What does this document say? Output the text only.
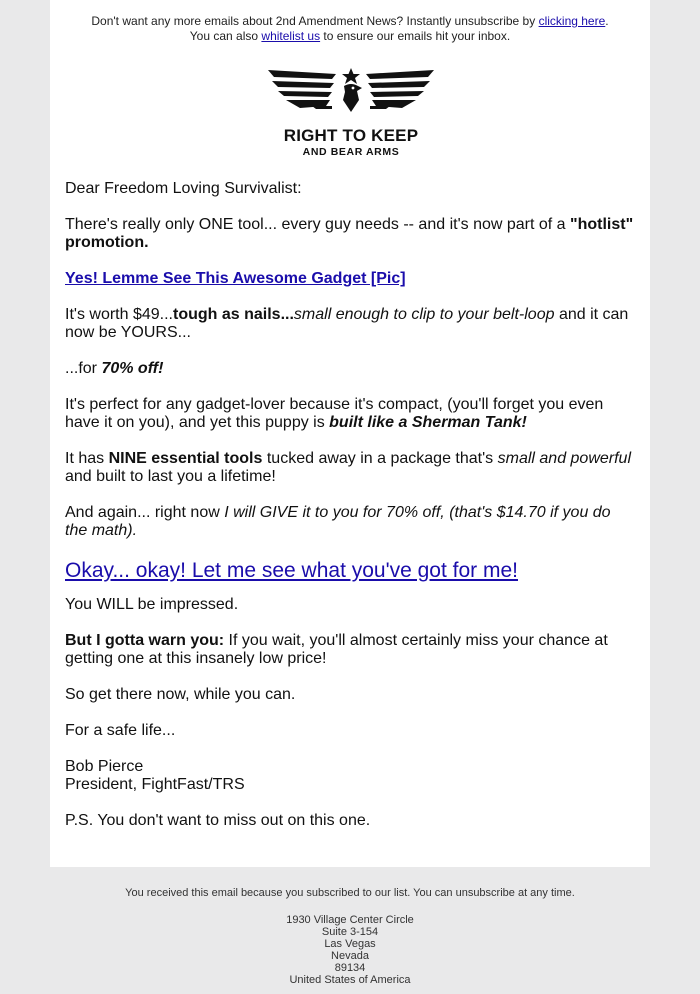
Don't want any more emails about 2nd Amendment News? Instantly unsubscribe by clicking here.
You can also whitelist us to ensure our emails hit your inbox.
RIGHT TO KEEP
AND BEAR ARMS

Dear Freedom Loving Survivalist:

There's really only ONE tool... every guy needs -- and it's now part of a "hotlist" promotion.

Yes! Lemme See This Awesome Gadget [Pic]

It's worth $49...tough as nails...small enough to clip to your belt-loop and it can now be YOURS...

...for 70% off!

It's perfect for any gadget-lover because it's compact, (you'll forget you even have it on you), and yet this puppy is built like a Sherman Tank!

It has NINE essential tools tucked away in a package that's small and powerful and built to last you a lifetime!

And again... right now I will GIVE it to you for 70% off, (that's $14.70 if you do the math).

Okay... okay! Let me see what you've got for me!

You WILL be impressed.

But I gotta warn you: If you wait, you'll almost certainly miss your chance at getting one at this insanely low price!

So get there now, while you can.

For a safe life...

Bob Pierce
President, FightFast/TRS

P.S. You don't want to miss out on this one.

You received this email because you subscribed to our list. You can unsubscribe at any time.
1930 Village Center Circle
Suite 3-154
Las Vegas
Nevada
89134
United States of America
